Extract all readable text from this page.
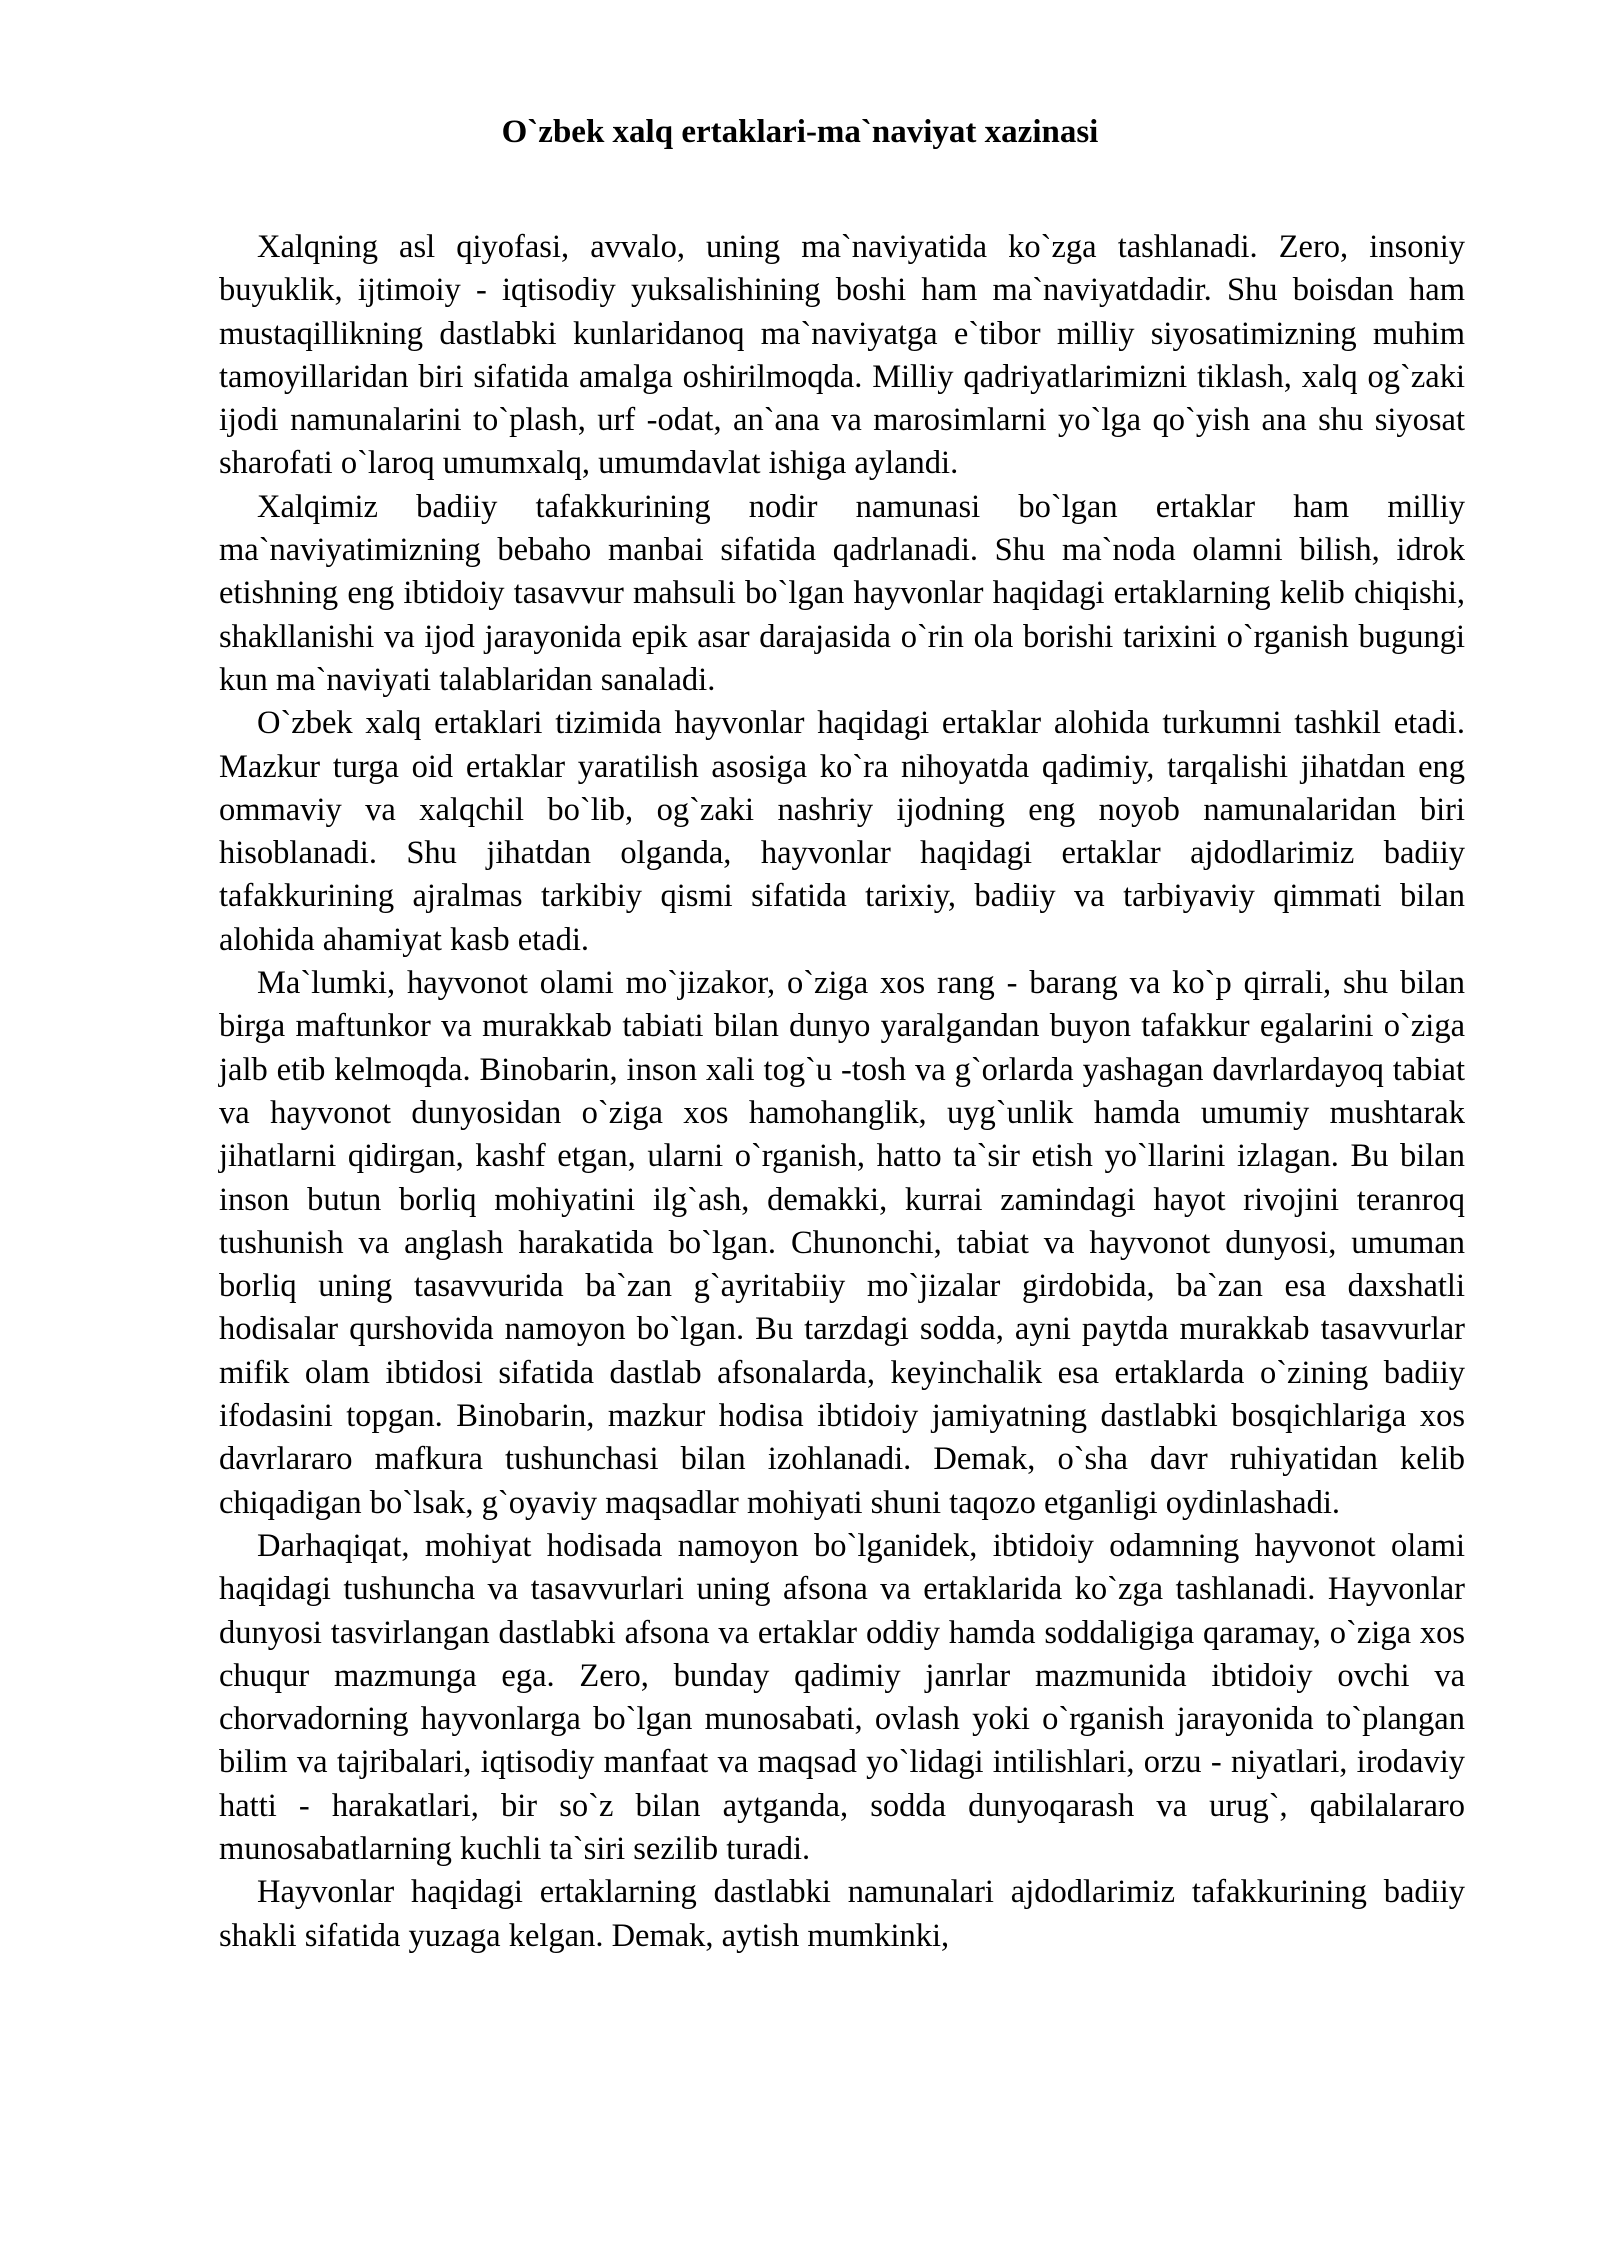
O`zbek xalq ertaklari-ma`naviyat xazinasi

Xalqning asl qiyofasi, avvalo, uning ma`naviyatida ko`zga tashlanadi. Zero, insoniy buyuklik, ijtimoiy - iqtisodiy yuksalishining boshi ham ma`naviyatdadir. Shu boisdan ham mustaqillikning dastlabki kunlaridanoq ma`naviyatga e`tibor milliy siyosatimizning muhim tamoyillaridan biri sifatida amalga oshirilmoqda. Milliy qadriyatlarimizni tiklash, xalq og`zaki ijodi namunalarini to`plash, urf -odat, an`ana va marosimlarni yo`lga qo`yish ana shu siyosat sharofati o`laroq umumxalq, umumdavlat ishiga aylandi.

Xalqimiz badiiy tafakkurining nodir namunasi bo`lgan ertaklar ham milliy ma`naviyatimizning bebaho manbai sifatida qadrlanadi. Shu ma`noda olamni bilish, idrok etishning eng ibtidoiy tasavvur mahsuli bo`lgan hayvonlar haqidagi ertaklarning kelib chiqishi, shakllanishi va ijod jarayonida epik asar darajasida o`rin ola borishi tarixini o`rganish bugungi kun ma`naviyati talablaridan sanaladi.

O`zbek xalq ertaklari tizimida hayvonlar haqidagi ertaklar alohida turkumni tashkil etadi. Mazkur turga oid ertaklar yaratilish asosiga ko`ra nihoyatda qadimiy, tarqalishi jihatdan eng ommaviy va xalqchil bo`lib, og`zaki nashriy ijodning eng noyob namunalaridan biri hisoblanadi. Shu jihatdan olganda, hayvonlar haqidagi ertaklar ajdodlarimiz badiiy tafakkurining ajralmas tarkibiy qismi sifatida tarixiy, badiiy va tarbiyaviy qimmati bilan alohida ahamiyat kasb etadi.

Ma`lumki, hayvonot olami mo`jizakor, o`ziga xos rang - barang va ko`p qirrali, shu bilan birga maftunkor va murakkab tabiati bilan dunyo yaralgandan buyon tafakkur egalarini o`ziga jalb etib kelmoqda. Binobarin, inson xali tog`u -tosh va g`orlarda yashagan davrlardayoq tabiat va hayvonot dunyosidan o`ziga xos hamohanglik, uyg`unlik hamda umumiy mushtarak jihatlarni qidirgan, kashf etgan, ularni o`rganish, hatto ta`sir etish yo`llarini izlagan. Bu bilan inson butun borliq mohiyatini ilg`ash, demakki, kurrai zamindagi hayot rivojini teranroq tushunish va anglash harakatida bo`lgan. Chunonchi, tabiat va hayvonot dunyosi, umuman borliq uning tasavvurida ba`zan g`ayritabiiy mo`jizalar girdobida, ba`zan esa daxshatli hodisalar qurshovida namoyon bo`lgan. Bu tarzdagi sodda, ayni paytda murakkab tasavvurlar mifik olam ibtidosi sifatida dastlab afsonalarda, keyinchalik esa ertaklarda o`zining badiiy ifodasini topgan. Binobarin, mazkur hodisa ibtidoiy jamiyatning dastlabki bosqichlariga xos davrlararo mafkura tushunchasi bilan izohlanadi. Demak, o`sha davr ruhiyatidan kelib chiqadigan bo`lsak, g`oyaviy maqsadlar mohiyati shuni taqozo etganligi oydinlashadi.

Darhaqiqat, mohiyat hodisada namoyon bo`lganidek, ibtidoiy odamning hayvonot olami haqidagi tushuncha va tasavvurlari uning afsona va ertaklarida ko`zga tashlanadi. Hayvonlar dunyosi tasvirlangan dastlabki afsona va ertaklar oddiy hamda soddaligiga qaramay, o`ziga xos chuqur mazmunga ega. Zero, bunday qadimiy janrlar mazmunida ibtidoiy ovchi va chorvadorning hayvonlarga bo`lgan munosabati, ovlash yoki o`rganish jarayonida to`plangan bilim va tajribalari, iqtisodiy manfaat va maqsad yo`lidagi intilishlari, orzu - niyatlari, irodaviy hatti - harakatlari, bir so`z bilan aytganda, sodda dunyoqarash va urug`, qabilalararo munosabatlarning kuchli ta`siri sezilib turadi.

Hayvonlar haqidagi ertaklarning dastlabki namunalari ajdodlarimiz tafakkurining badiiy shakli sifatida yuzaga kelgan. Demak, aytish mumkinki,
